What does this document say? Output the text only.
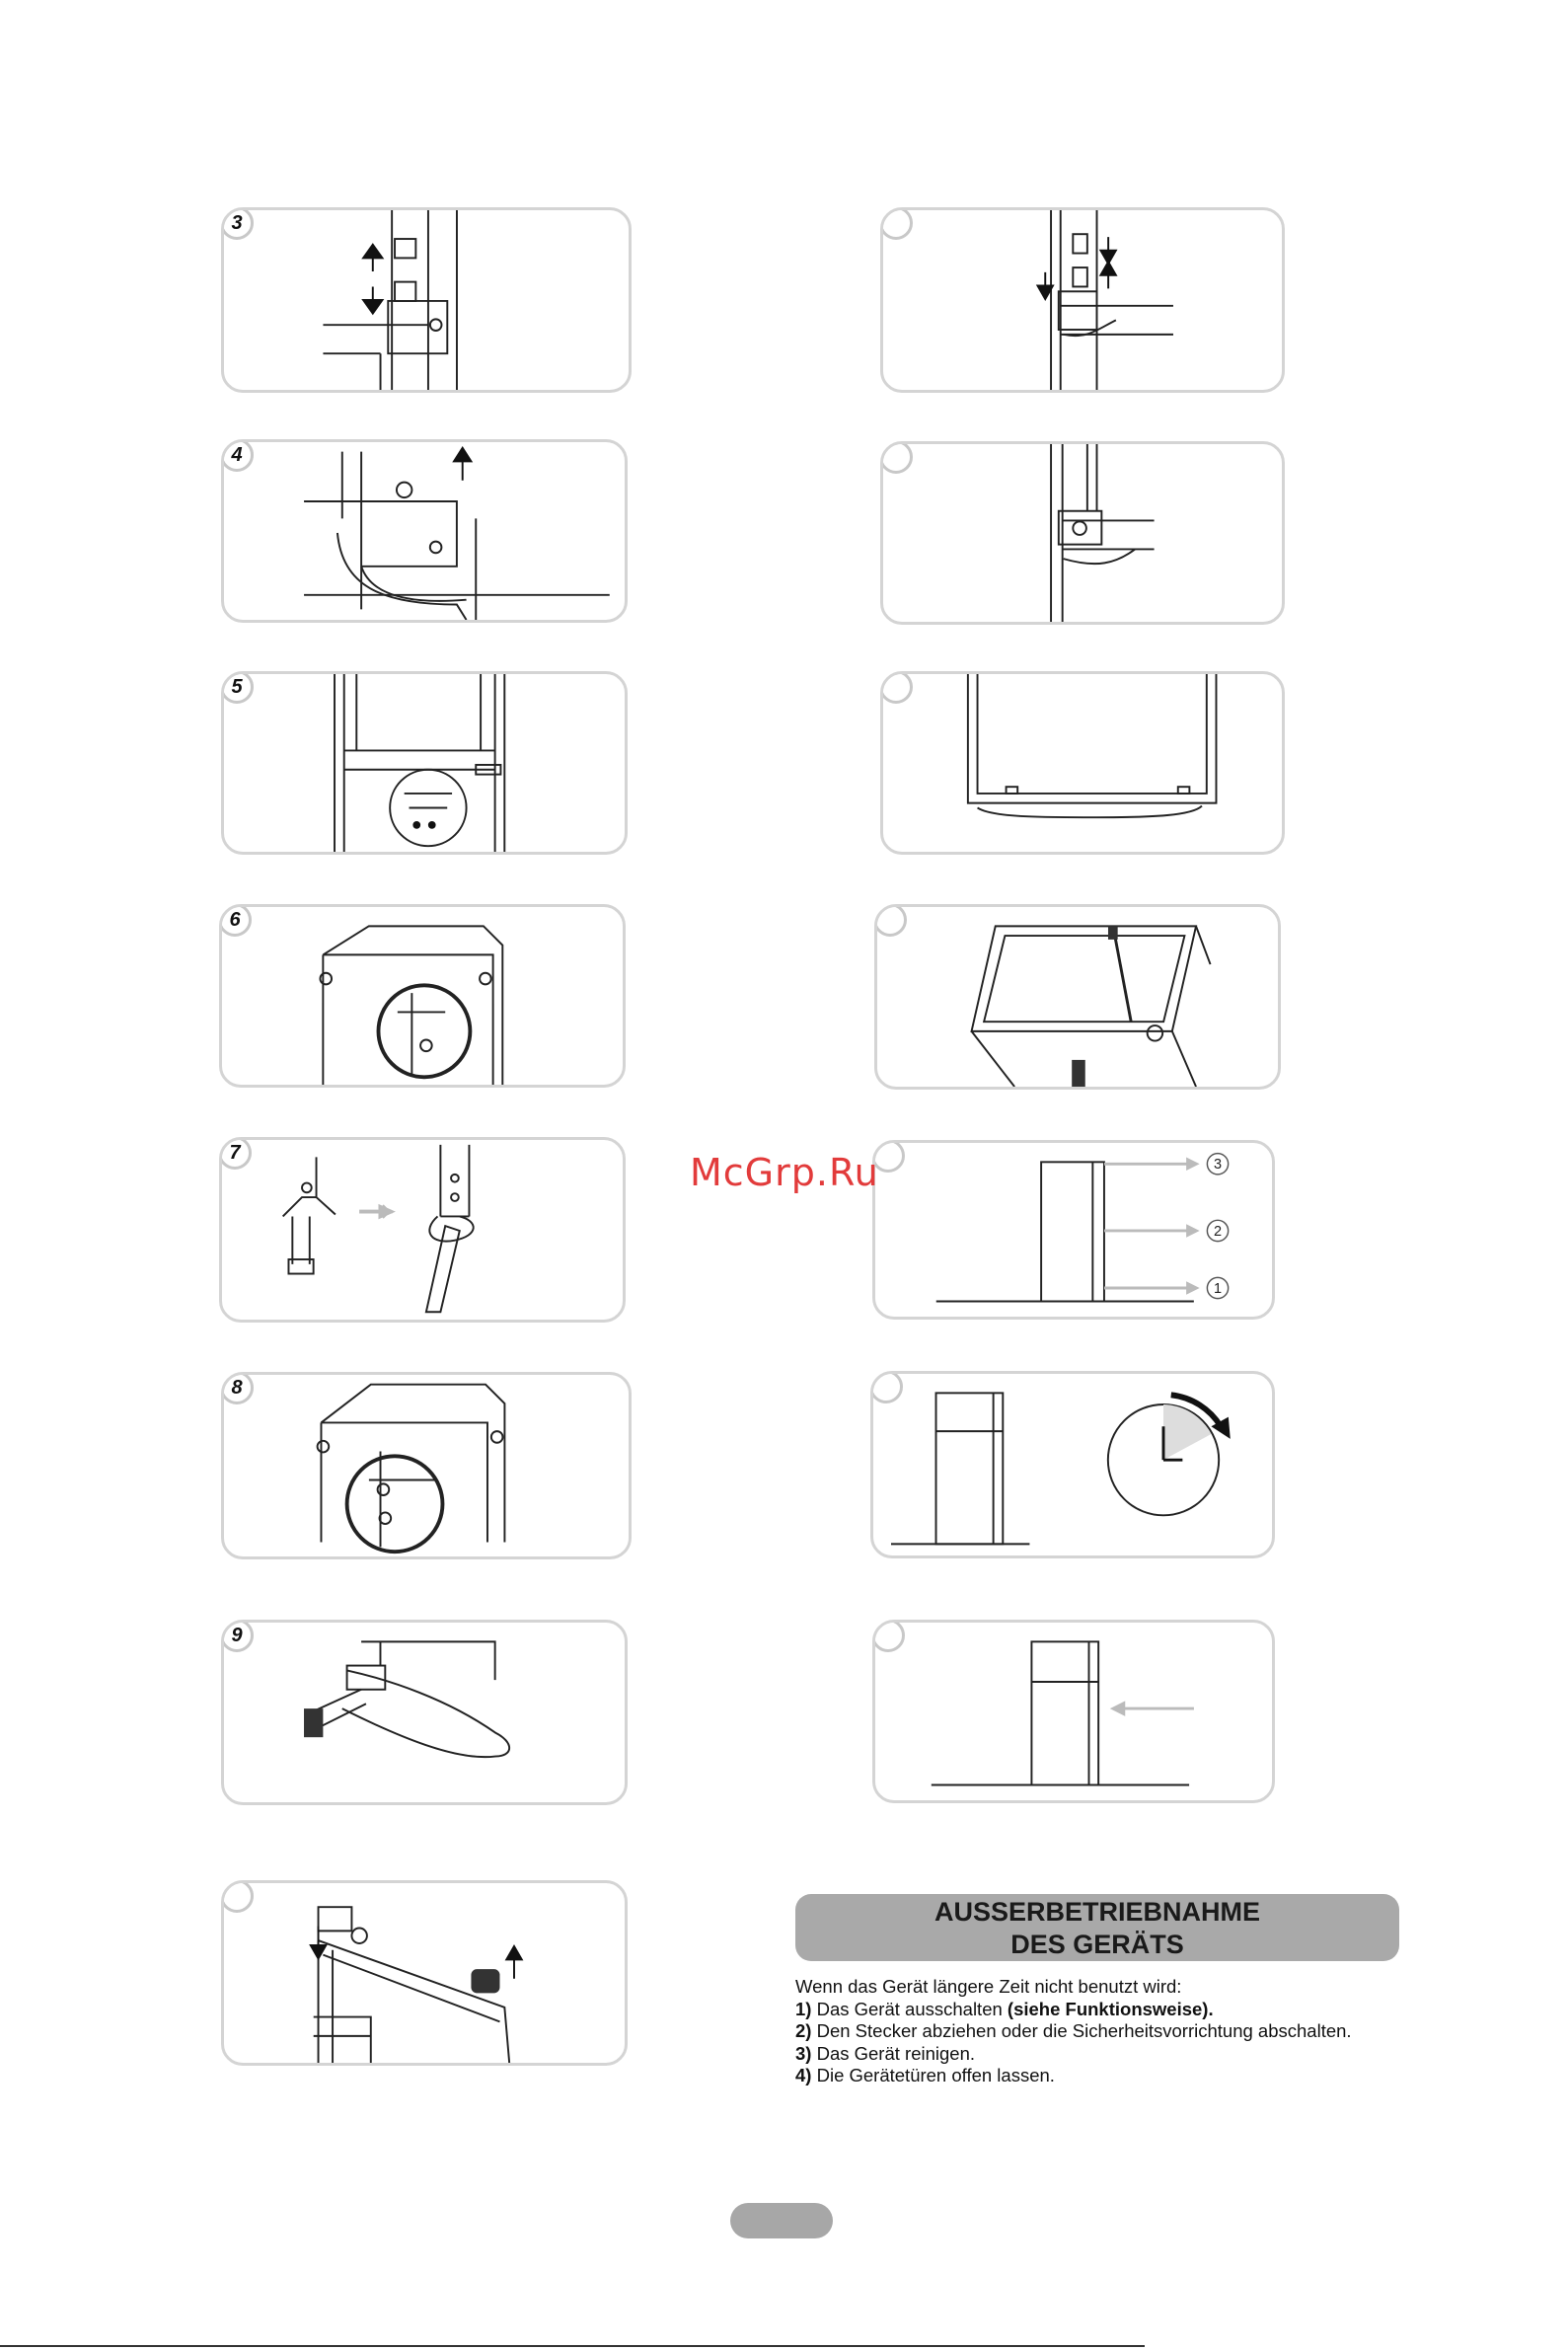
3
4
5
6
7
8
9
3
2
1
McGrp.Ru
AUSSERBETRIEBNAHME
DES GERÄTS

Wenn das Gerät längere Zeit nicht benutzt wird:

1) Das Gerät ausschalten (siehe Funktionsweise).

2) Den Stecker abziehen oder die Sicherheitsvorrichtung abschalten.

3) Das Gerät reinigen.

4) Die Gerätetüren offen lassen.
